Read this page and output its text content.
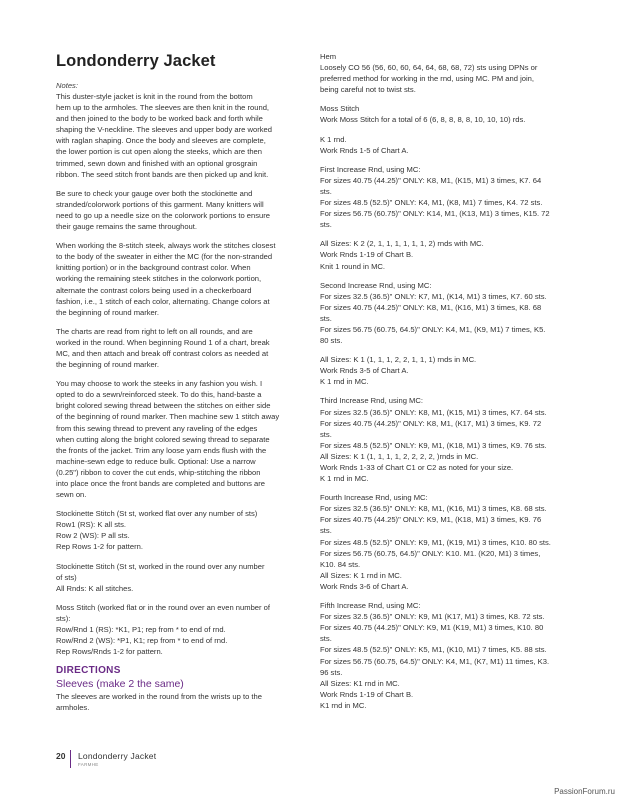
Londonderry Jacket
Notes:

This duster-style jacket is knit in the round from the bottom
hem up to the armholes. The sleeves are then knit in the round,
and then joined to the body to be worked back and forth while
shaping the V-neckline. The sleeves and upper body are worked
with raglan shaping. Once the body and sleeves are complete,
the lower portion is cut open along the steeks, which are then
trimmed, sewn down and finished with an optional grosgrain
ribbon. The seed stitch front bands are then picked up and knit.

Be sure to check your gauge over both the stockinette and
stranded/colorwork portions of this garment. Many knitters will
need to go up a needle size on the colorwork portions to ensure
their gauge remains the same throughout.

When working the 8-stitch steek, always work the stitches closest
to the body of the sweater in either the MC (for the non-stranded
knitting portion) or in the background contrast color. When
working the remaining steek stitches in the colorwork portion,
alternate the contrast colors being used in a checkerboard
fashion, i.e., 1 stitch of each color, alternating. Change colors at
the beginning of round marker.

The charts are read from right to left on all rounds, and are
worked in the round. When beginning Round 1 of a chart, break
MC, and then attach and break off contrast colors as needed at
the beginning of round marker.

You may choose to work the steeks in any fashion you wish. I
opted to do a sewn/reinforced steek. To do this, hand-baste a
bright colored sewing thread between the stitches on either side
of the beginning of round marker. Then machine sew 1 stitch away
from this sewing thread to prevent any raveling of the edges
when cutting along the bright colored sewing thread to separate
the fronts of the jacket. Trim any loose yarn ends flush with the
machine-sewn edge to reduce bulk. Optional: Use a narrow
(0.25") ribbon to cover the cut ends, whip-stitching the ribbon
into place once the front bands are completed and buttons are
sewn on.

Stockinette Stitch (St st, worked flat over any number of sts)
Row1 (RS): K all sts.
Row 2 (WS): P all sts.
Rep Rows 1-2 for pattern.
Stockinette Stitch (St st, worked in the round over any number
of sts)
All Rnds: K all stitches.
Moss Stitch (worked flat or in the round over an even number of
sts):
Row/Rnd 1 (RS): *K1, P1; rep from * to end of rnd.
Row/Rnd 2 (WS): *P1, K1; rep from * to end of rnd.
Rep Rows/Rnds 1-2 for pattern.
DIRECTIONS
Sleeves (make 2 the same)
The sleeves are worked in the round from the wrists up to the
armholes.
Hem
Loosely CO 56 (56, 60, 60, 64, 64, 68, 68, 72) sts using DPNs or
preferred method for working in the rnd, using MC. PM and join,
being careful not to twist sts.
Moss Stitch
Work Moss Stitch for a total of 6 (6, 8, 8, 8, 8, 10, 10, 10) rds.
K 1 rnd.
Work Rnds 1-5 of Chart A.
First Increase Rnd, using MC:
For sizes 40.75 (44.25)" ONLY: K8, M1, (K15, M1) 3 times, K7. 64
sts.
For sizes 48.5 (52.5)" ONLY: K4, M1, (K8, M1) 7 times, K4. 72 sts.
For sizes 56.75 (60.75)" ONLY: K14, M1, (K13, M1) 3 times, K15. 72
sts.
All Sizes: K 2 (2, 1, 1, 1, 1, 1, 1, 2) rnds with MC.
Work Rnds 1-19 of Chart B.
Knit 1 round in MC.
Second Increase Rnd, using MC:
For sizes 32.5 (36.5)" ONLY: K7, M1, (K14, M1) 3 times, K7. 60 sts.
For sizes 40.75 (44.25)" ONLY: K8, M1, (K16, M1) 3 times, K8. 68
sts.
For sizes 56.75 (60.75, 64.5)" ONLY: K4, M1, (K9, M1) 7 times, K5.
80 sts.
All Sizes: K 1 (1, 1, 1, 2, 2, 1, 1, 1) rnds in MC.
Work Rnds 3-5 of Chart A.
K 1 rnd in MC.
Third Increase Rnd, using MC:
For sizes 32.5 (36.5)" ONLY: K8, M1, (K15, M1) 3 times, K7. 64 sts.
For sizes 40.75 (44.25)" ONLY: K8, M1, (K17, M1) 3 times, K9. 72
sts.
For sizes 48.5 (52.5)" ONLY: K9, M1, (K18, M1) 3 times, K9. 76 sts.
All Sizes: K 1 (1, 1, 1, 1, 2, 2, 2, 2, )rnds in MC.
Work Rnds 1-33 of Chart C1 or C2 as noted for your size.
K 1 rnd in MC.
Fourth Increase Rnd, using MC:
For sizes 32.5 (36.5)" ONLY: K8, M1, (K16, M1) 3 times, K8. 68 sts.
For sizes 40.75 (44.25)" ONLY: K9, M1, (K18, M1) 3 times, K9. 76
sts.
For sizes 48.5 (52.5)" ONLY: K9, M1, (K19, M1) 3 times, K10. 80 sts.
For sizes 56.75 (60.75, 64.5)" ONLY: K10. M1. (K20, M1) 3 times,
K10. 84 sts.
All Sizes: K 1 rnd in MC.
Work Rnds 3-6 of Chart A.
Fifth Increase Rnd, using MC:
For sizes 32.5 (36.5)" ONLY: K9, M1 (K17, M1) 3 times, K8. 72 sts.
For sizes 40.75 (44.25)" ONLY: K9, M1 (K19, M1) 3 times, K10. 80
sts.
For sizes 48.5 (52.5)" ONLY: K5, M1, (K10, M1) 7 times, K5. 88 sts.
For sizes 56.75 (60.75, 64.5)" ONLY: K4, M1, (K7, M1) 11 times, K3.
96 sts.
All Sizes: K1 rnd in MC.
Work Rnds 1-19 of Chart B.
K1 rnd in MC.
20 Londonderry Jacket
FARMHE
PassionForum.ru
